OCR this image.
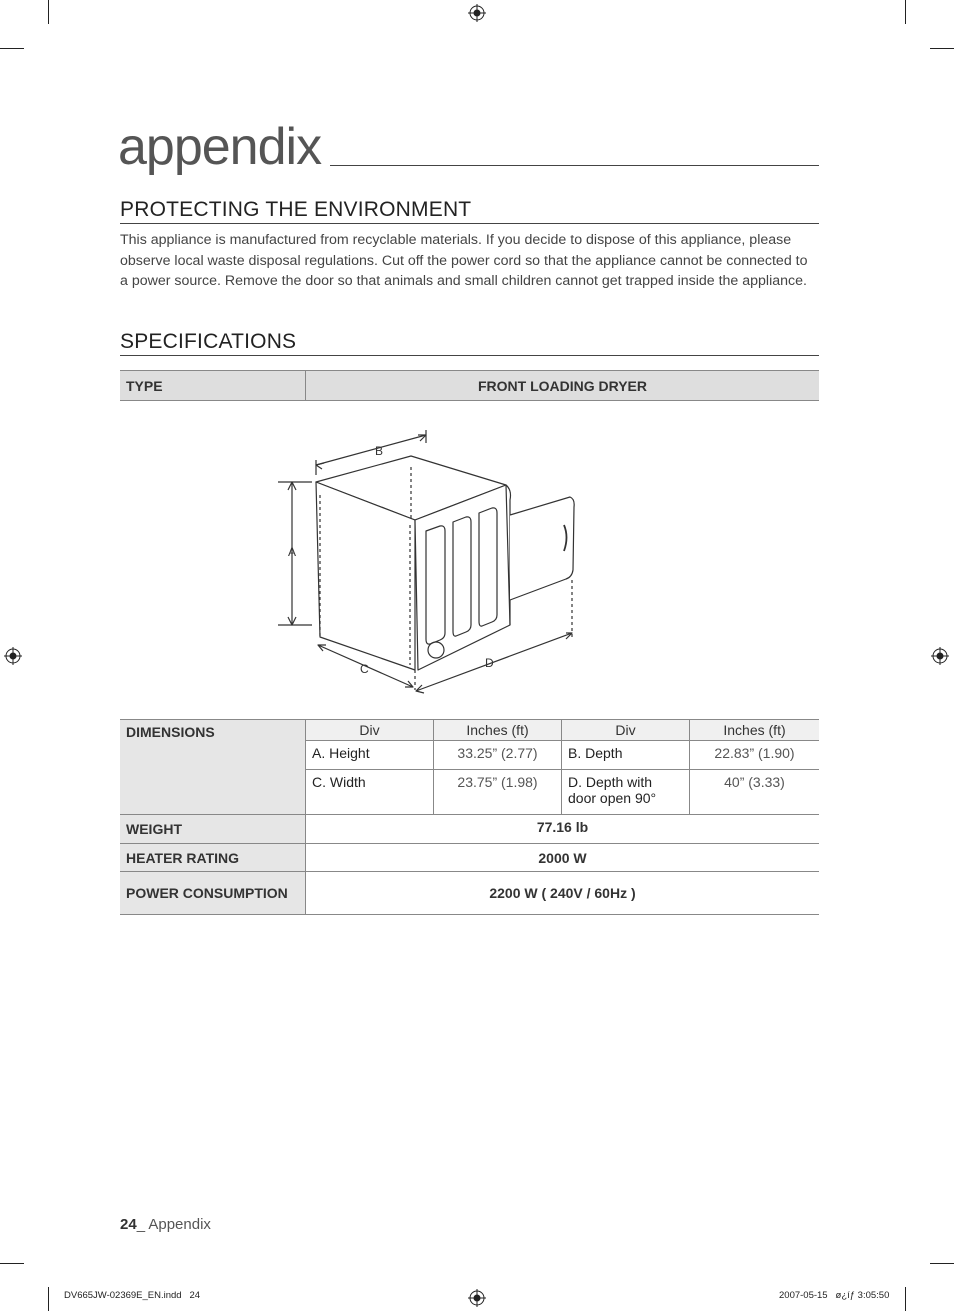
appendix
PROTECTING THE ENVIRONMENT
This appliance is manufactured from recyclable materials. If you decide to dispose of this appliance, please observe local waste disposal regulations. Cut off the power cord so that the appliance cannot be connected to a power source. Remove the door so that animals and small children cannot get trapped inside the appliance.
SPECIFICATIONS
TYPE	FRONT LOADING DRYER
B
A
C	D
DIMENSIONS	Div	Inches (ft)	Div	Inches (ft)
	A. Height	33.25” (2.77)	B. Depth	22.83” (1.90)
	C. Width	23.75” (1.98)	D. Depth with door open 90°	40” (3.33)
WEIGHT	77.16 lb			
HEATER RATING	2000 W			
POWER CONSUMPTION	2200 W ( 240V / 60Hz )			
24_ Appendix
DV665JW-02369E_EN.indd   24	2007-05-15   ø¿íƒ 3:05:50
